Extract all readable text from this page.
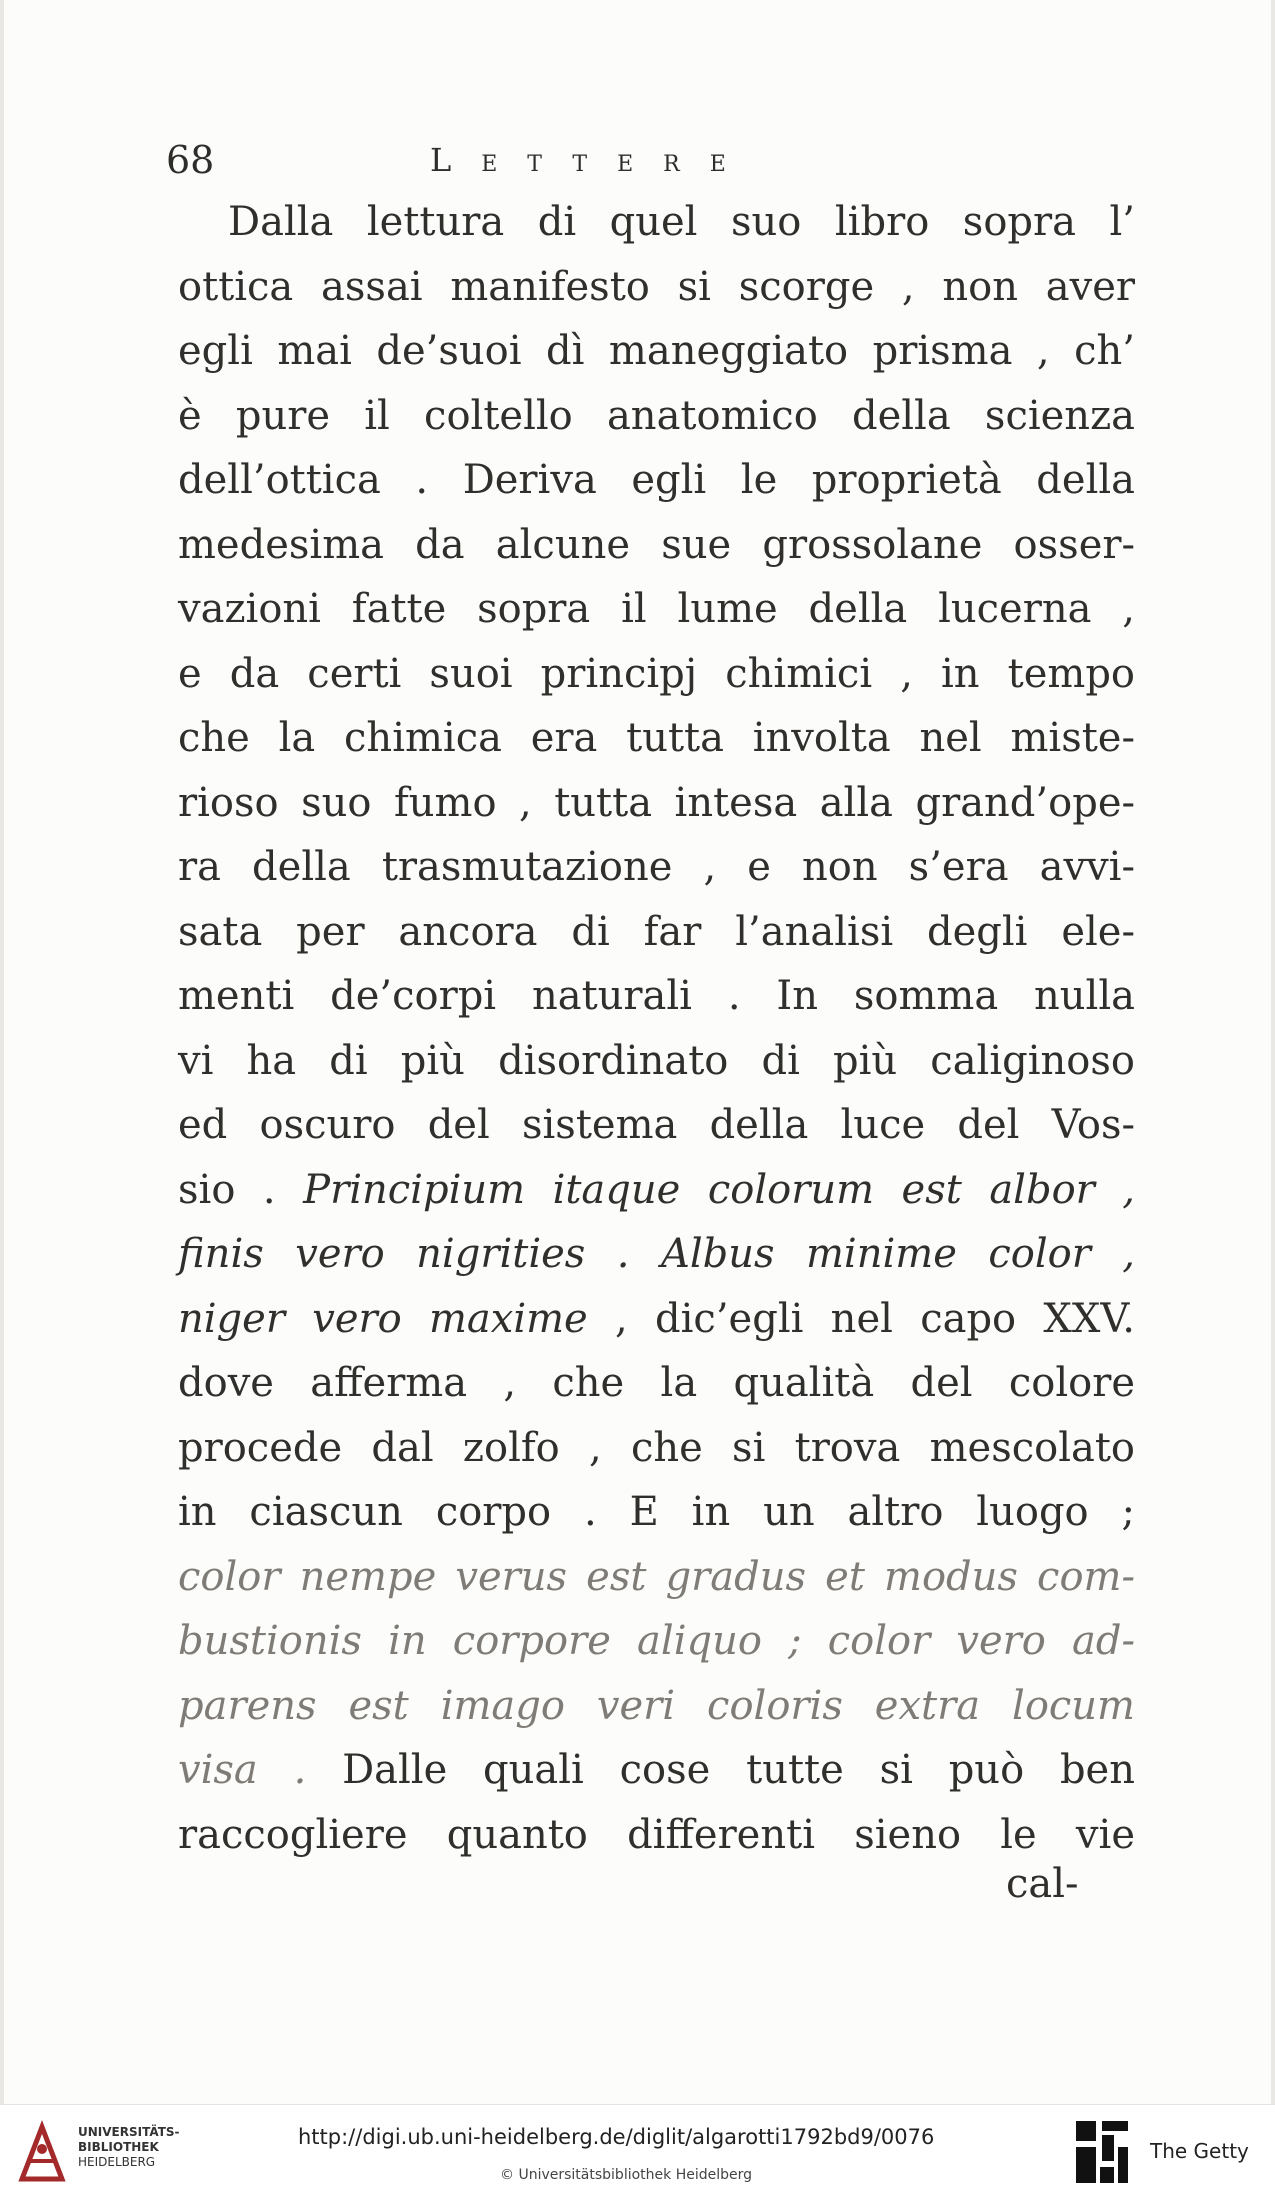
68	Lettere
Dalla lettura di quel suo libro sopra l’
ottica assai manifesto si scorge , non aver
egli mai de’suoi dì maneggiato prisma , ch’
è pure il coltello anatomico della scienza
dell’ottica . Deriva egli le proprietà della
medesima da alcune sue grossolane osser-
vazioni fatte sopra il lume della lucerna ,
e da certi suoi principj chimici , in tempo
che la chimica era tutta involta nel miste-
rioso suo fumo , tutta intesa alla grand’ope-
ra della trasmutazione , e non s’era avvi-
sata per ancora di far l’analisi degli ele-
menti de’corpi naturali . In somma nulla
vi ha di più disordinato di più caliginoso
ed oscuro del sistema della luce del Vos-
sio . Principium itaque colorum est albor ,
finis vero nigrities . Albus minime color ,
niger vero maxime , dic’egli nel capo XXV.
dove afferma , che la qualità del colore
procede dal zolfo , che si trova mescolato
in ciascun corpo . E in un altro luogo ;
color nempe verus est gradus et modus com-
bustionis in corpore aliquo ; color vero ad-
parens est imago veri coloris extra locum
visa . Dalle quali cose tutte si può ben
raccogliere quanto differenti sieno le vie
cal-
UNIVERSITÄTS-
BIBLIOTHEK
HEIDELBERG
http://digi.ub.uni-heidelberg.de/diglit/algarotti1792bd9/0076
© Universitätsbibliothek Heidelberg
The Getty
